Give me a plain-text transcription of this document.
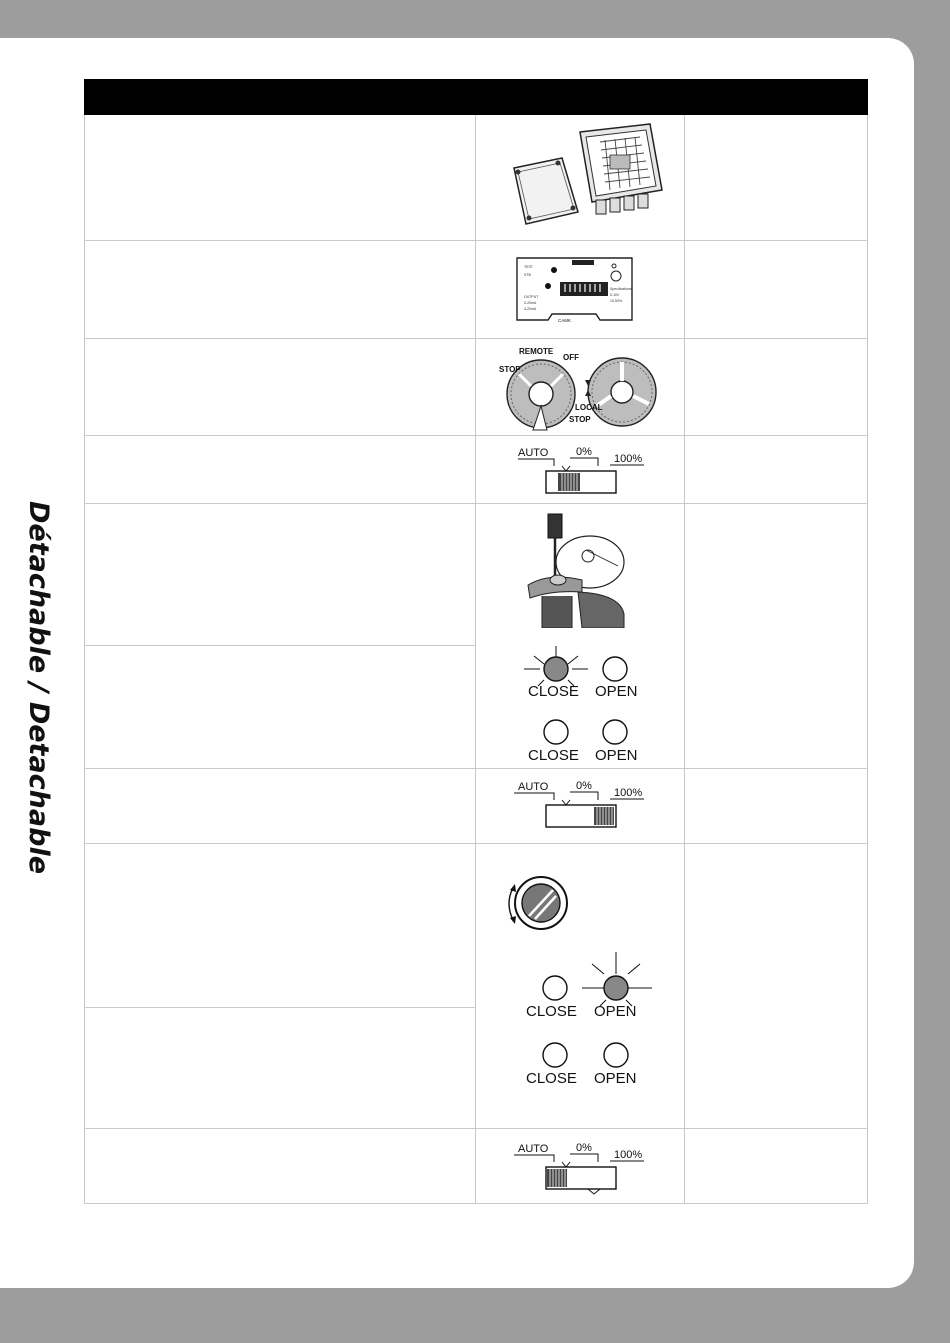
Détachable / Detachable
TEST
STB
OUTPUT
0-20mA
4-20mA
Specifications
0-10V
10-50%
CAMK
STOP
REMOTE
OFF
LOCAL
STOP
AUTO	0%
100%
CLOSE OPEN
CLOSE OPEN
AUTO	0%
100%
CLOSE OPEN
CLOSE OPEN
AUTO	0%
100%
